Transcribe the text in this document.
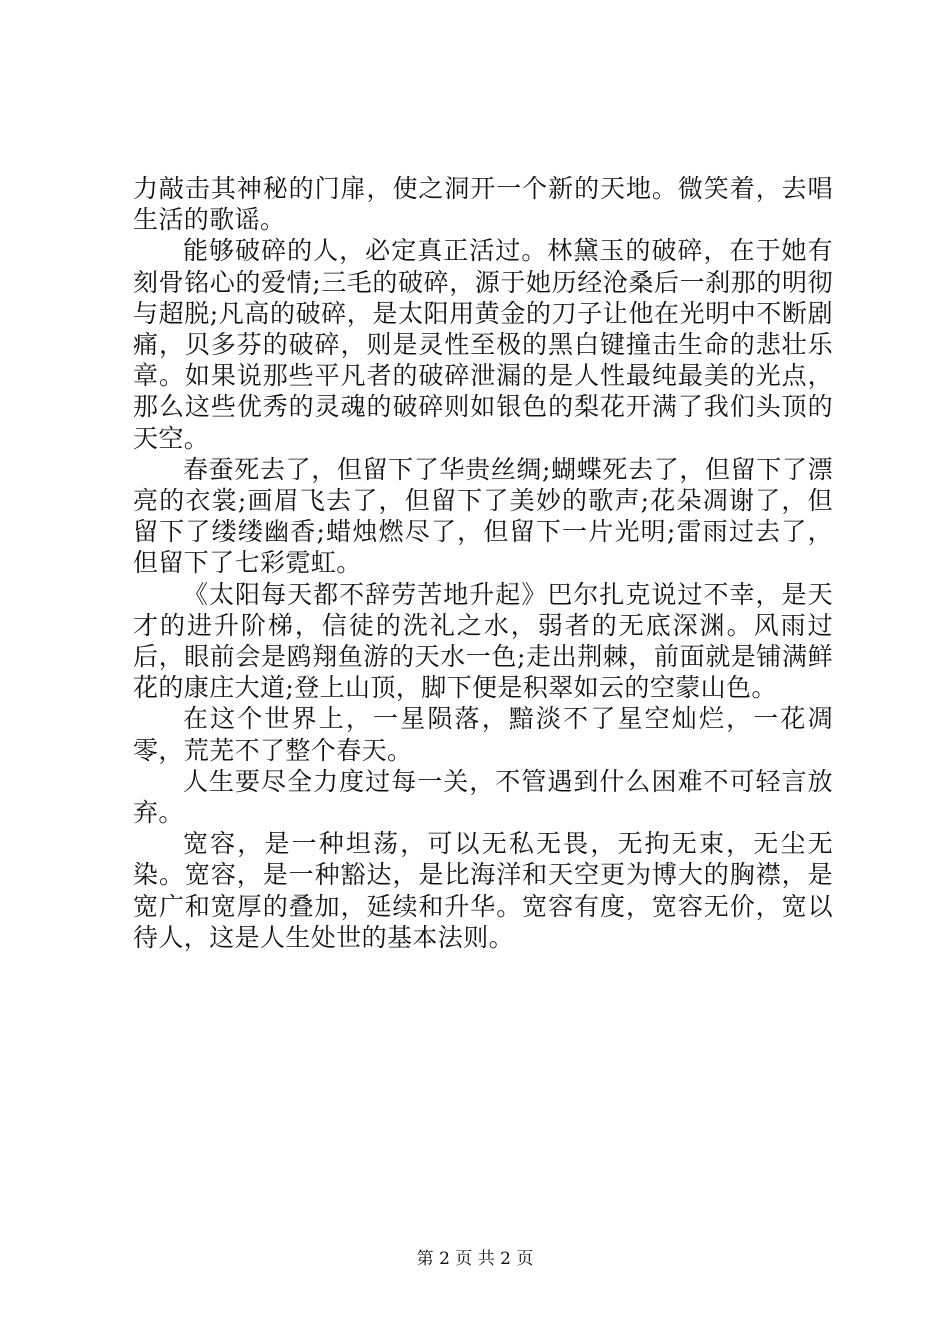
力敲击其神秘的门扉，使之洞开一个新的天地。微笑着，去唱生活的歌谣。

能够破碎的人，必定真正活过。林黛玉的破碎，在于她有刻骨铭心的爱情;三毛的破碎，源于她历经沧桑后一刹那的明彻与超脱;凡高的破碎，是太阳用黄金的刀子让他在光明中不断剧痛，贝多芬的破碎，则是灵性至极的黑白键撞击生命的悲壮乐章。如果说那些平凡者的破碎泄漏的是人性最纯最美的光点，那么这些优秀的灵魂的破碎则如银色的梨花开满了我们头顶的天空。

春蚕死去了，但留下了华贵丝绸;蝴蝶死去了，但留下了漂亮的衣裳;画眉飞去了，但留下了美妙的歌声;花朵凋谢了，但留下了缕缕幽香;蜡烛燃尽了，但留下一片光明;雷雨过去了，但留下了七彩霓虹。

《太阳每天都不辞劳苦地升起》巴尔扎克说过不幸，是天才的进升阶梯，信徒的洗礼之水，弱者的无底深渊。风雨过后，眼前会是鸥翔鱼游的天水一色;走出荆棘，前面就是铺满鲜花的康庄大道;登上山顶，脚下便是积翠如云的空蒙山色。

在这个世界上，一星陨落，黯淡不了星空灿烂，一花凋零，荒芜不了整个春天。

人生要尽全力度过每一关，不管遇到什么困难不可轻言放弃。

宽容，是一种坦荡，可以无私无畏，无拘无束，无尘无染。宽容，是一种豁达，是比海洋和天空更为博大的胸襟，是宽广和宽厚的叠加，延续和升华。宽容有度，宽容无价，宽以待人，这是人生处世的基本法则。

第 2 页 共 2 页
